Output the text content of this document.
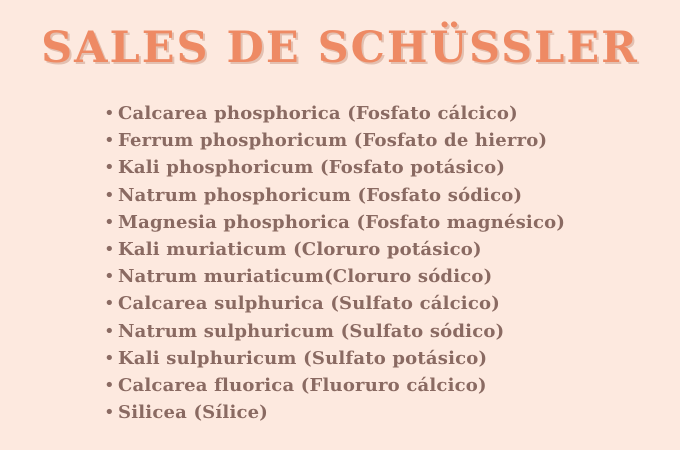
SALES DE SCHÜSSLER
• Calcarea phosphorica (Fosfato cálcico)
• Ferrum phosphoricum (Fosfato de hierro)
• Kali phosphoricum (Fosfato potásico)
• Natrum phosphoricum (Fosfato sódico)
• Magnesia phosphorica (Fosfato magnésico)
• Kali muriaticum (Cloruro potásico)
• Natrum muriaticum(Cloruro sódico)
• Calcarea sulphurica (Sulfato cálcico)
• Natrum sulphuricum (Sulfato sódico)
• Kali sulphuricum (Sulfato potásico)
• Calcarea fluorica (Fluoruro cálcico)
• Silicea (Sílice)
